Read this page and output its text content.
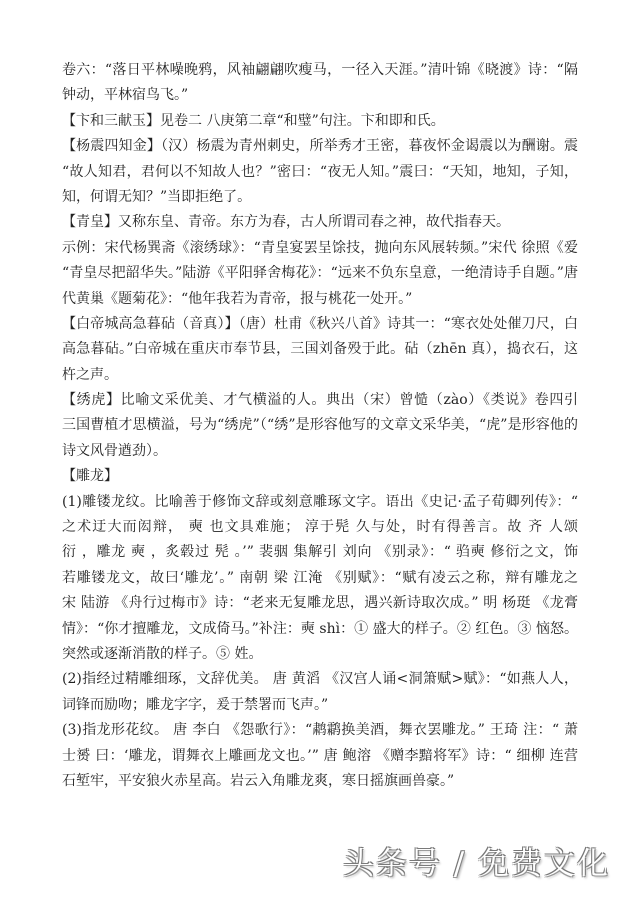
卷六：“落日平林噪晚鸦，风袖翩翩吹瘦马，一径入天涯。”清叶锦《晓渡》诗：“隔
钟动，平林宿鸟飞。”
【卞和三献玉】见卷二 八庚第二章“和璧”句注。卞和即和氏。
【杨震四知金】（汉）杨震为青州刺史，所举秀才王密，暮夜怀金谒震以为酬谢。震
“故人知君，君何以不知故人也？”密曰：“夜无人知。”震曰：“天知，地知，子知，
知，何谓无知？”当即拒绝了。
【青皇】又称东皇、青帝。东方为春，古人所谓司春之神，故代指春天。
示例：宋代杨巽斋《滚绣球》：“青皇宴罢呈馀技，抛向东风展转频。”宋代 徐照《爱
“青皇尽把韶华失。”陆游《平阳驿舍梅花》：“远来不负东皇意，一绝清诗手自题。”唐
代黄巢《题菊花》：“他年我若为青帝，报与桃花一处开。”
【白帝城高急暮砧（音真）】（唐）杜甫《秋兴八首》诗其一：“寒衣处处催刀尺，白
高急暮砧。”白帝城在重庆市奉节县，三国刘备殁于此。砧（zhēn 真），捣衣石，这
杵之声。
【绣虎】比喻文采优美、才气横溢的人。典出（宋）曾慥（zào）《类说》卷四引
三国曹植才思横溢，号为“绣虎”（“绣”是形容他写的文章文采华美，“虎”是形容他的
诗文风骨遒劲）。
【雕龙】
(1)雕镂龙纹。比喻善于修饰文辞或刻意雕琢文字。语出《史记·孟子荀卿列传》：“
之术迂大而闳辩， 奭 也文具难施； 淳于髡 久与处，时有得善言。故 齐 人颂
衍 ，雕龙 奭 ，炙毂过 髡 。’” 裴骃 集解引 刘向 《别录》：“ 驺奭 修衍之文，饰
若雕镂龙文，故曰‘雕龙’。” 南朝 梁 江淹 《别赋》：“赋有凌云之称，辩有雕龙之
宋 陆游 《舟行过梅市》诗：“老来无复雕龙思，遇兴新诗取次成。” 明 杨珽 《龙膏
情》：“你才擅雕龙，文成倚马。”补注：奭 shì：① 盛大的样子。② 红色。③ 恼怒。
突然或逐渐消散的样子。⑤ 姓。
(2)指经过精雕细琢，文辞优美。 唐 黄滔 《汉宫人诵<洞箫赋>赋》：“如燕人人，
词锋而励吻；雕龙字字，爰于禁署而飞声。”
(3)指龙形花纹。 唐 李白 《怨歌行》：“鹔鹴换美酒，舞衣罢雕龙。” 王琦 注：“ 萧
士赟 曰：‘雕龙，谓舞衣上雕画龙文也。’” 唐 鲍溶 《赠李黯将军》诗：“ 细柳 连营
石堑牢，平安狼火赤星高。岩云入角雕龙爽，寒日摇旗画兽豪。”
头条号 / 免费文化
